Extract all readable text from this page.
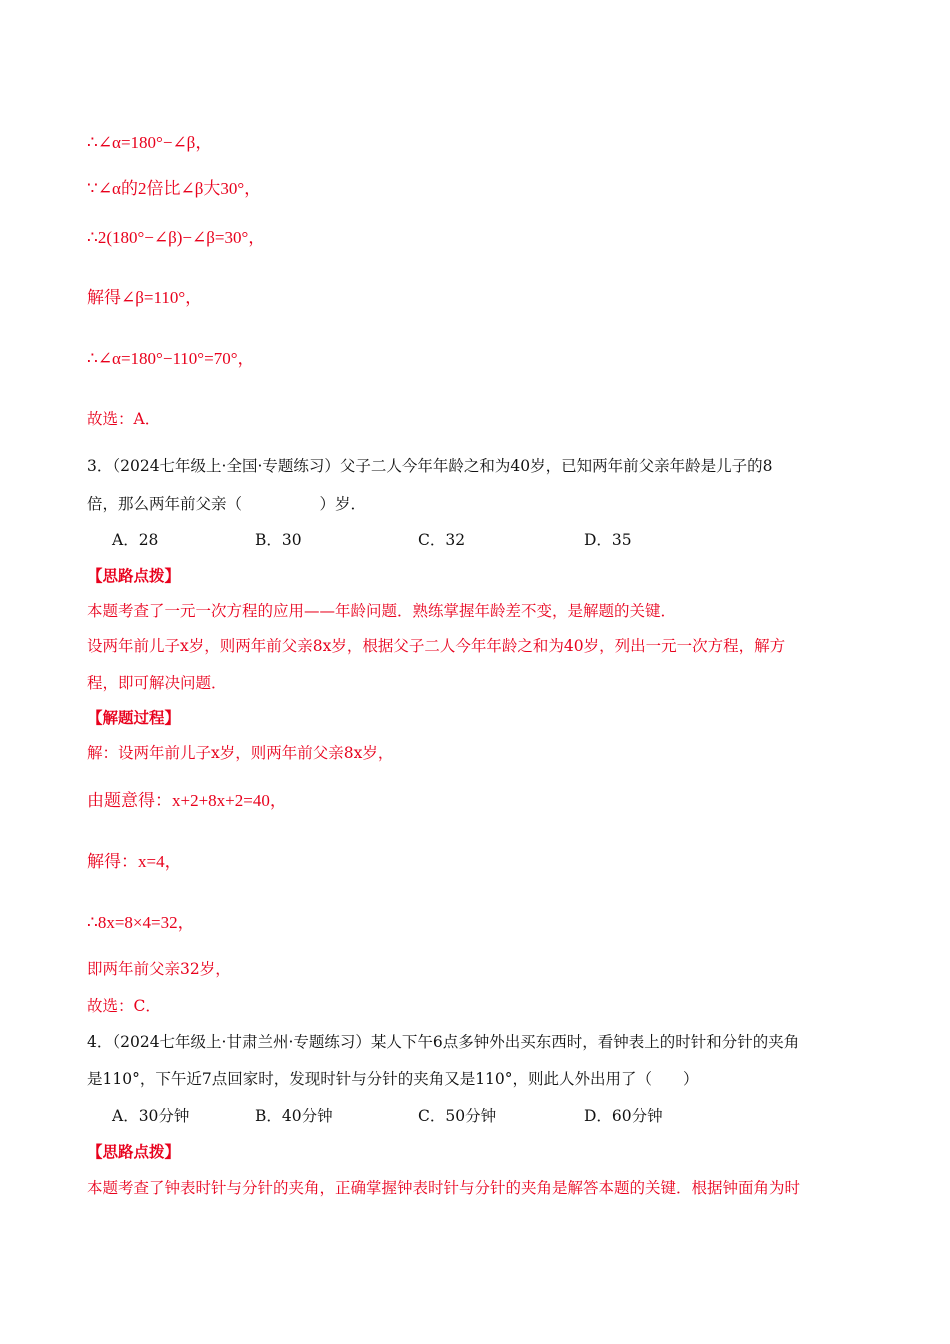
∴∠α=180°−∠β，
∵∠α的2倍比∠β大30°，
∴2(180°−∠β)−∠β=30°，
解得∠β=110°，
∴∠α=180°−110°=70°，
故选：A．
3．（2024七年级上·全国·专题练习）父子二人今年年龄之和为40岁，已知两年前父亲年龄是儿子的8
倍，那么两年前父亲（　　　　　）岁．
A．28	B．30	C．32	D．35
【思路点拨】
本题考查了一元一次方程的应用——年龄问题．熟练掌握年龄差不变，是解题的关键．
设两年前儿子x岁，则两年前父亲8x岁，根据父子二人今年年龄之和为40岁，列出一元一次方程，解方
程，即可解决问题．
【解题过程】
解：设两年前儿子x岁，则两年前父亲8x岁，
由题意得：x+2+8x+2=40，
解得：x=4，
∴8x=8×4=32，
即两年前父亲32岁，
故选：C．
4．（2024七年级上·甘肃兰州·专题练习）某人下午6点多钟外出买东西时，看钟表上的时针和分针的夹角
是110°，下午近7点回家时，发现时针与分针的夹角又是110°，则此人外出用了（　　）
A．30分钟	B．40分钟	C．50分钟	D．60分钟
【思路点拨】
本题考查了钟表时针与分针的夹角，正确掌握钟表时针与分针的夹角是解答本题的关键．根据钟面角为时
